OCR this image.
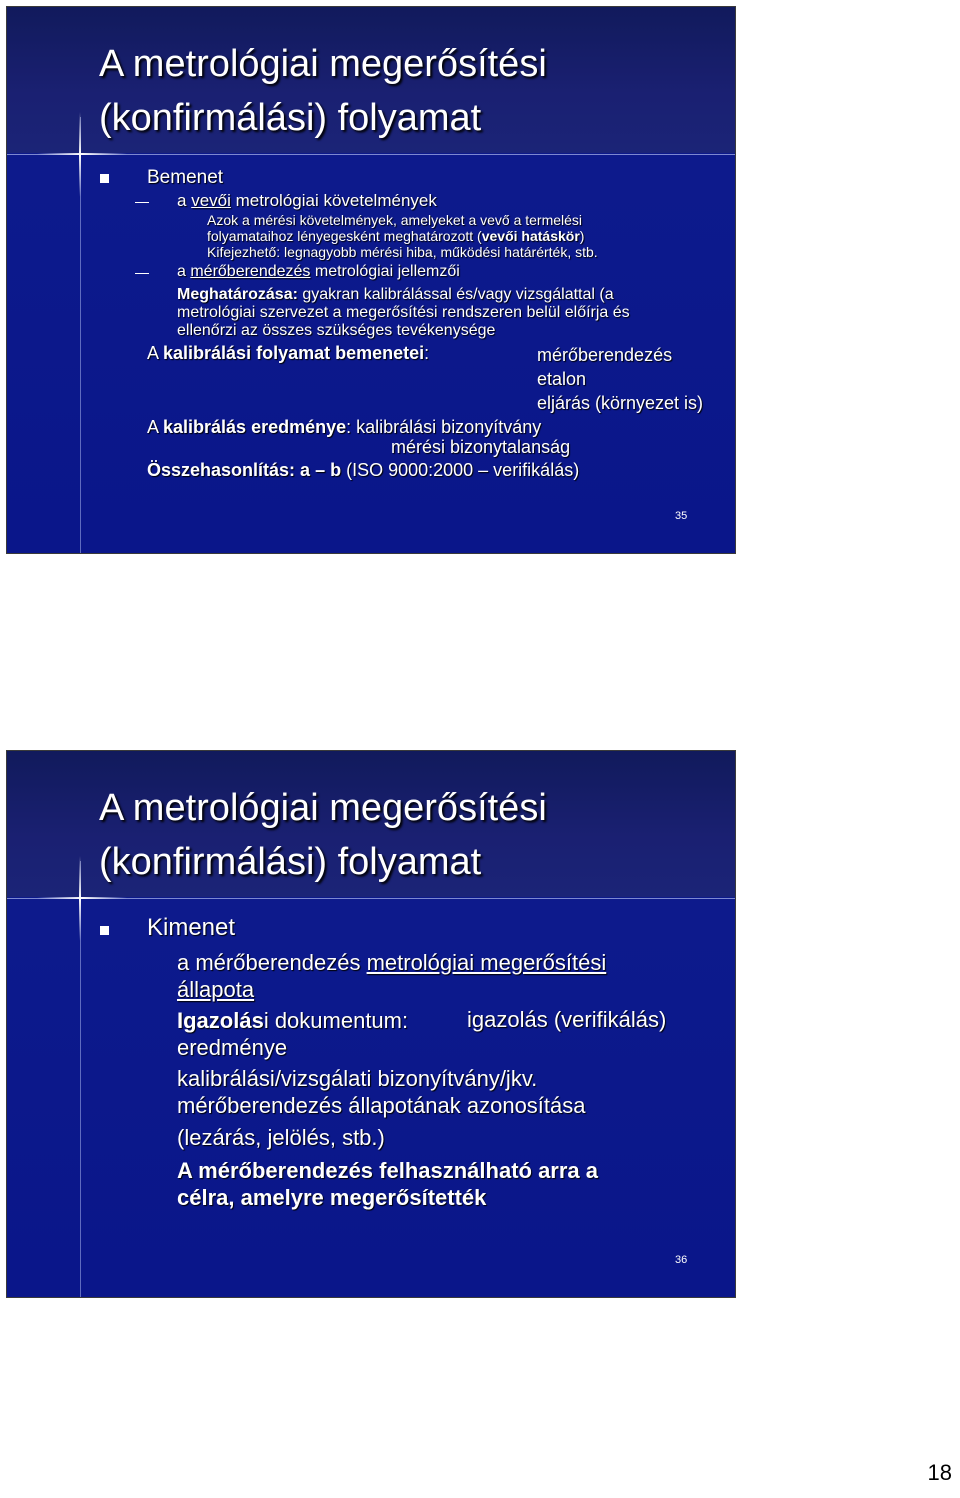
A metrológiai megerősítési
(konfirmálási) folyamat
Bemenet
a vevői metrológiai követelmények
Azok a mérési követelmények, amelyeket a vevő a termelési
folyamataihoz lényegesként meghatározott (vevői hatáskör)
Kifejezhető: legnagyobb mérési hiba, működési határérték, stb.
a mérőberendezés metrológiai jellemzői
Meghatározása: gyakran kalibrálással és/vagy vizsgálattal (a
metrológiai szervezet a megerősítési rendszeren belül előírja és
ellenőrzi az összes szükséges tevékenysége
A kalibrálási folyamat bemenetei:	mérőberendezés
etalon
eljárás (környezet is)
A kalibrálás eredménye: kalibrálási bizonyítvány
mérési bizonytalanság
Összehasonlítás: a – b (ISO 9000:2000 – verifikálás)
35
A metrológiai megerősítési
(konfirmálási) folyamat
Kimenet
a mérőberendezés metrológiai megerősítési
állapota
Igazolási dokumentum:
eredménye
igazolás (verifikálás)
kalibrálási/vizsgálati bizonyítvány/jkv.
mérőberendezés állapotának azonosítása
(lezárás, jelölés, stb.)
A mérőberendezés felhasználható arra a
célra, amelyre megerősítették
36
18
